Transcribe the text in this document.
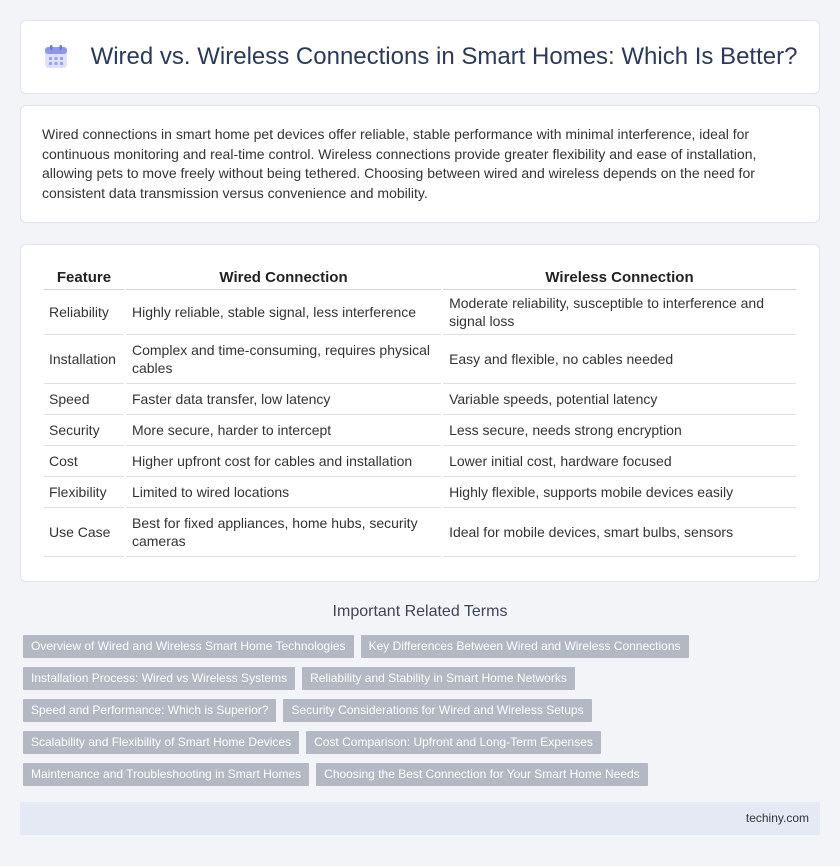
Wired vs. Wireless Connections in Smart Homes: Which Is Better?

Wired connections in smart home pet devices offer reliable, stable performance with minimal interference, ideal for continuous monitoring and real-time control. Wireless connections provide greater flexibility and ease of installation, allowing pets to move freely without being tethered. Choosing between wired and wireless depends on the need for consistent data transmission versus convenience and mobility.

Feature	Wired Connection	Wireless Connection
Reliability	Highly reliable, stable signal, less interference	Moderate reliability, susceptible to interference and signal loss
Installation	Complex and time-consuming, requires physical cables	Easy and flexible, no cables needed
Speed	Faster data transfer, low latency	Variable speeds, potential latency
Security	More secure, harder to intercept	Less secure, needs strong encryption
Cost	Higher upfront cost for cables and installation	Lower initial cost, hardware focused
Flexibility	Limited to wired locations	Highly flexible, supports mobile devices easily
Use Case	Best for fixed appliances, home hubs, security cameras	Ideal for mobile devices, smart bulbs, sensors
Important Related Terms
Overview of Wired and Wireless Smart Home Technologies	Key Differences Between Wired and Wireless Connections
Installation Process: Wired vs Wireless Systems	Reliability and Stability in Smart Home Networks
Speed and Performance: Which is Superior?	Security Considerations for Wired and Wireless Setups
Scalability and Flexibility of Smart Home Devices	Cost Comparison: Upfront and Long-Term Expenses
Maintenance and Troubleshooting in Smart Homes	Choosing the Best Connection for Your Smart Home Needs
techiny.com
